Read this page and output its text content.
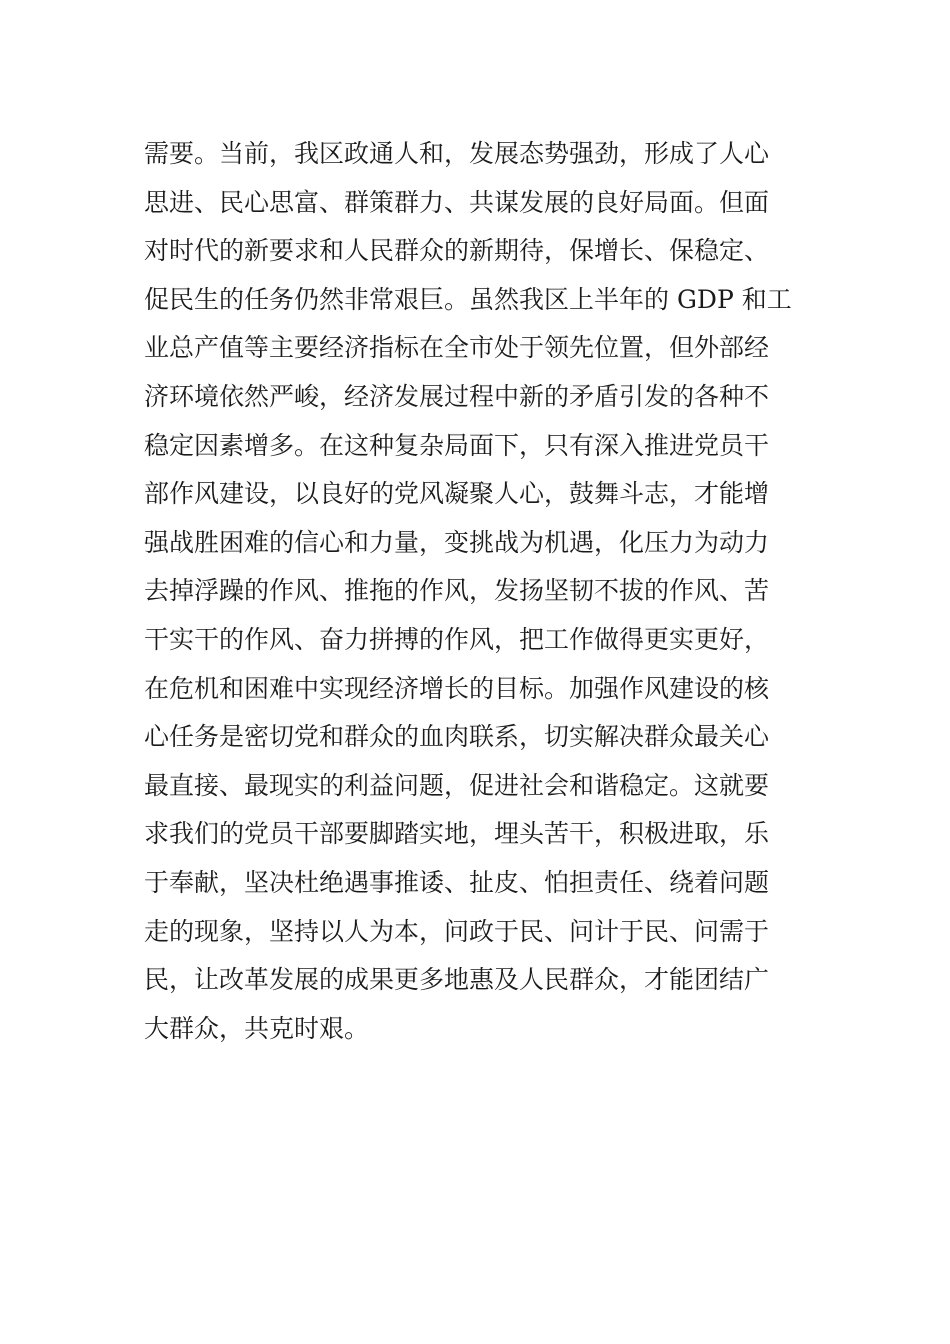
需要。当前，我区政通人和，发展态势强劲，形成了人心
思进、民心思富、群策群力、共谋发展的良好局面。但面
对时代的新要求和人民群众的新期待，保增长、保稳定、
促民生的任务仍然非常艰巨。虽然我区上半年的 GDP 和工
业总产值等主要经济指标在全市处于领先位置，但外部经
济环境依然严峻，经济发展过程中新的矛盾引发的各种不
稳定因素增多。在这种复杂局面下，只有深入推进党员干
部作风建设，以良好的党风凝聚人心，鼓舞斗志，才能增
强战胜困难的信心和力量，变挑战为机遇，化压力为动力
去掉浮躁的作风、推拖的作风，发扬坚韧不拔的作风、苦
干实干的作风、奋力拼搏的作风，把工作做得更实更好，
在危机和困难中实现经济增长的目标。加强作风建设的核
心任务是密切党和群众的血肉联系，切实解决群众最关心
最直接、最现实的利益问题，促进社会和谐稳定。这就要
求我们的党员干部要脚踏实地，埋头苦干，积极进取，乐
于奉献，坚决杜绝遇事推诿、扯皮、怕担责任、绕着问题
走的现象，坚持以人为本，问政于民、问计于民、问需于
民，让改革发展的成果更多地惠及人民群众，才能团结广
大群众，共克时艰。
